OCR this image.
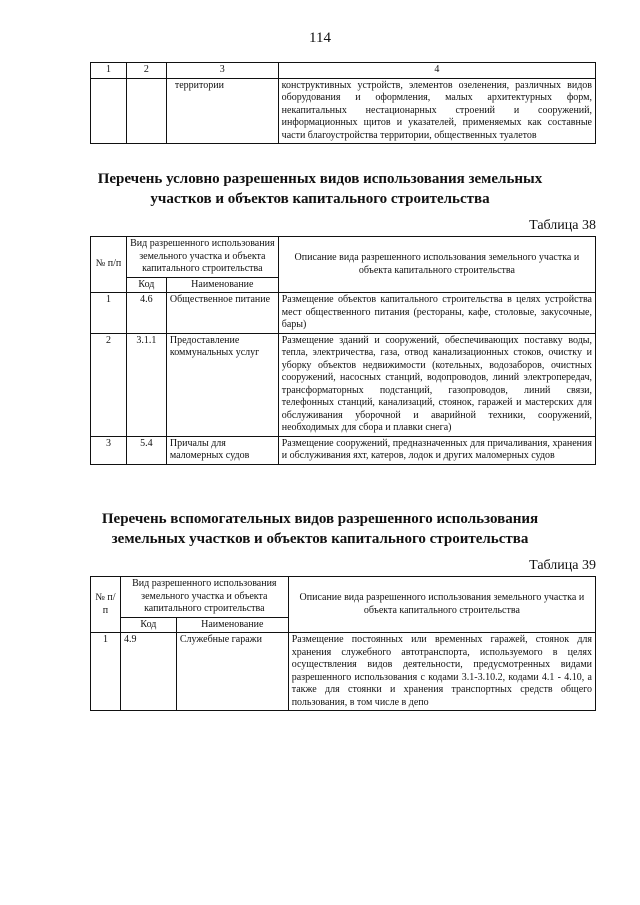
114
1	2	3	4
		территории	конструктивных устройств, элементов озеленения, различных видов оборудования и оформления, малых архитектурных форм, некапитальных нестационарных строений и сооружений, информационных щитов и указателей, применяемых как составные части благоустройства территории, общественных туалетов
Перечень условно разрешенных видов использования земельных
участков и объектов капитального строительства
Таблица 38
№ п/п	Вид разрешенного использования земельного участка и объекта капитального строительства		Описание вида разрешенного использования земельного участка и объекта капитального строительства
	Код	Наименование	
1	4.6	Общественное питание	Размещение объектов капитального строительства в целях устройства мест общественного питания (рестораны, кафе, столовые, закусочные, бары)
2	3.1.1	Предоставление коммунальных услуг	Размещение зданий и сооружений, обеспечивающих поставку воды, тепла, электричества, газа, отвод канализационных стоков, очистку и уборку объектов недвижимости (котельных, водозаборов, очистных сооружений, насосных станций, водопроводов, линий электропередач, трансформаторных подстанций, газопроводов, линий связи, телефонных станций, канализаций, стоянок, гаражей и мастерских для обслуживания уборочной и аварийной техники, сооружений, необходимых для сбора и плавки снега)
3	5.4	Причалы для маломерных судов	Размещение сооружений, предназначенных для причаливания, хранения и обслуживания яхт, катеров, лодок и других маломерных судов
Перечень вспомогательных видов разрешенного использования
земельных участков и объектов капитального строительства
Таблица 39
№ п/п	Вид разрешенного использования земельного участка и объекта капитального строительства		Описание вида разрешенного использования земельного участка и объекта капитального строительства
	Код	Наименование	
1	4.9	Служебные гаражи	Размещение постоянных или временных гаражей, стоянок для хранения служебного автотранспорта, используемого в целях осуществления видов деятельности, предусмотренных видами разрешенного использования с кодами 3.1-3.10.2, кодами 4.1 - 4.10, а также для стоянки и хранения транспортных средств общего пользования, в том числе в депо
